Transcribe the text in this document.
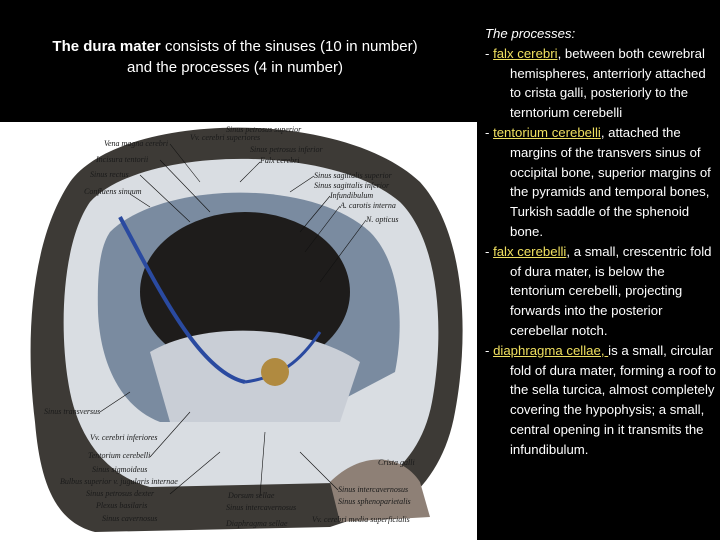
The dura mater consists of the sinuses (10 in number)
and the processes (4 in number)
Vena magna cerebri
Incisura tentorii
Sinus rectus
Confluens sinuum
Sinus petrosus superior
Vv. cerebri superiores
Sinus petrosus inferior
Falx cerebri
Sinus sagittalis superior
Sinus sagittalis inferior
Infundibulum
A. carotis interna
N. opticus
Sinus transversus
Vv. cerebri inferiores
Tentorium cerebelli
Sinus sigmoideus
Bulbus superior v. jugularis internae
Sinus petrosus dexter
Plexus basilaris
Sinus cavernosus
Crista galli
Sinus intercavernosus
Sinus sphenoparietalis
Dorsum sellae
Sinus intercavernosus
Diaphragma sellae	Vv. cerebri media superficialis
The processes:

- falx cerebri, between both cewrebral hemispheres, anterriorly attached to crista galli, posteriorly to the terntorium cerebelli

- tentorium cerebelli, attached the margins of the transvers sinus of occipital bone, superior margins of the pyramids and temporal bones, Turkish saddle of the sphenoid bone.

- falx cerebelli, a small, crescentric fold of dura mater, is below the tentorium cerebelli, projecting forwards into the posterior cerebellar notch.

- diaphragma cellae, is a small, circular fold of dura mater, forming a roof to the sella turcica, almost completely covering the hypophysis; a small, central opening in it transmits the infundibulum.
